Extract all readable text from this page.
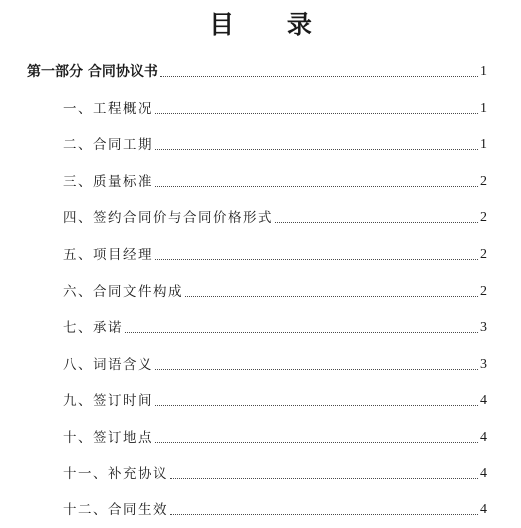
目 录
第一部分 合同协议书	1
一、工程概况	1
二、合同工期	1
三、质量标准	2
四、签约合同价与合同价格形式	2
五、项目经理	2
六、合同文件构成	2
七、承诺	3
八、词语含义	3
九、签订时间	4
十、签订地点	4
十一、补充协议	4
十二、合同生效	4
